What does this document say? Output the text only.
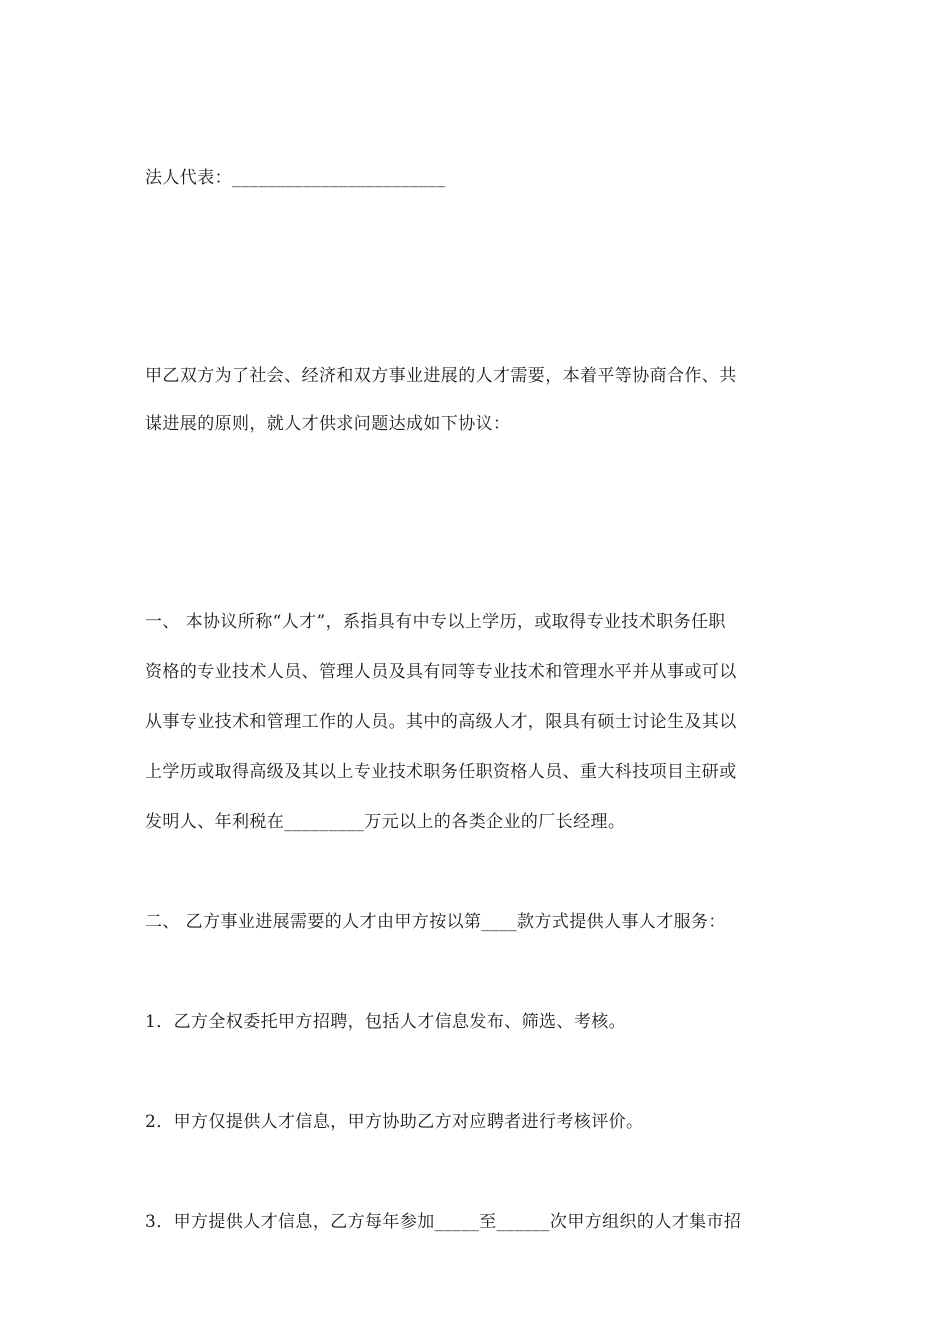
法人代表：________________________
甲乙双方为了社会、经济和双方事业进展的人才需要，本着平等协商合作、共
谋进展的原则，就人才供求问题达成如下协议：
一、 本协议所称“人才”，系指具有中专以上学历，或取得专业技术职务任职
资格的专业技术人员、管理人员及具有同等专业技术和管理水平并从事或可以
从事专业技术和管理工作的人员。其中的高级人才，限具有硕士讨论生及其以
上学历或取得高级及其以上专业技术职务任职资格人员、重大科技项目主研或
发明人、年利税在_________万元以上的各类企业的厂长经理。
二、 乙方事业进展需要的人才由甲方按以第____款方式提供人事人才服务：
1．乙方全权委托甲方招聘，包括人才信息发布、筛选、考核。
2．甲方仅提供人才信息，甲方协助乙方对应聘者进行考核评价。
3．甲方提供人才信息，乙方每年参加_____至______次甲方组织的人才集市招
